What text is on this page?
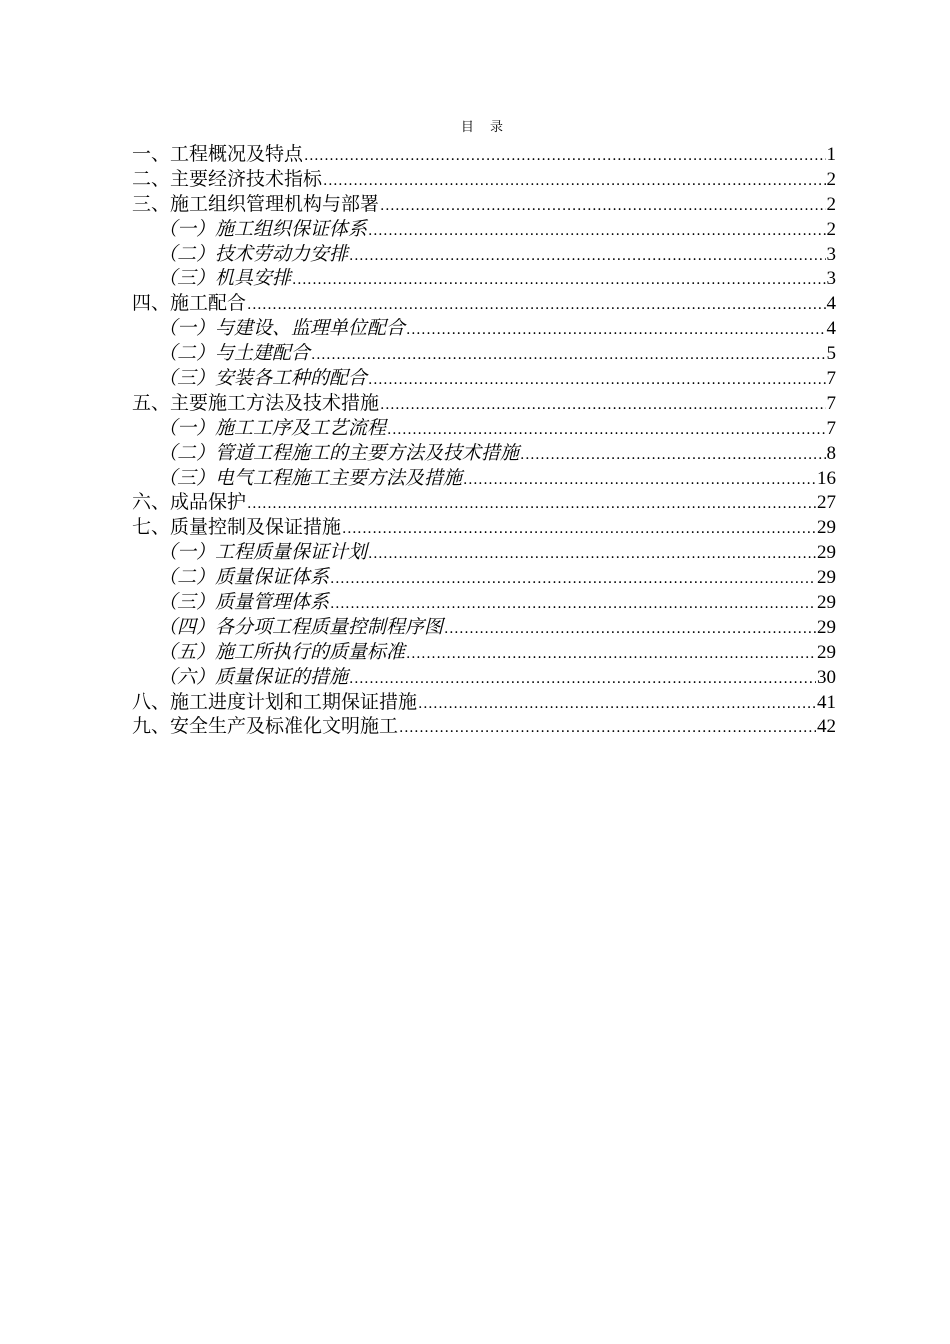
目 录
一、工程概况及特点 .....	1
二、主要经济技术指标 .....	2
三、施工组织管理机构与部署 .....	2
（一）施工组织保证体系 .....	2
（二）技术劳动力安排 .....	3
（三）机具安排 .....	3
四、施工配合 .....	4
（一）与建设、监理单位配合 .....	4
（二）与土建配合 .....	5
（三）安装各工种的配合 .....	7
五、主要施工方法及技术措施 .....	7
（一）施工工序及工艺流程 .....	7
（二）管道工程施工的主要方法及技术措施 .....	8
（三）电气工程施工主要方法及措施 .....	16
六、成品保护 .....	27
七、质量控制及保证措施 .....	29
（一）工程质量保证计划 .....	29
（二）质量保证体系 .....	29
（三）质量管理体系 .....	29
（四）各分项工程质量控制程序图 .....	29
（五）施工所执行的质量标准 .....	29
（六）质量保证的措施 .....	30
八、施工进度计划和工期保证措施 .....	41
九、安全生产及标准化文明施工 .....	42
